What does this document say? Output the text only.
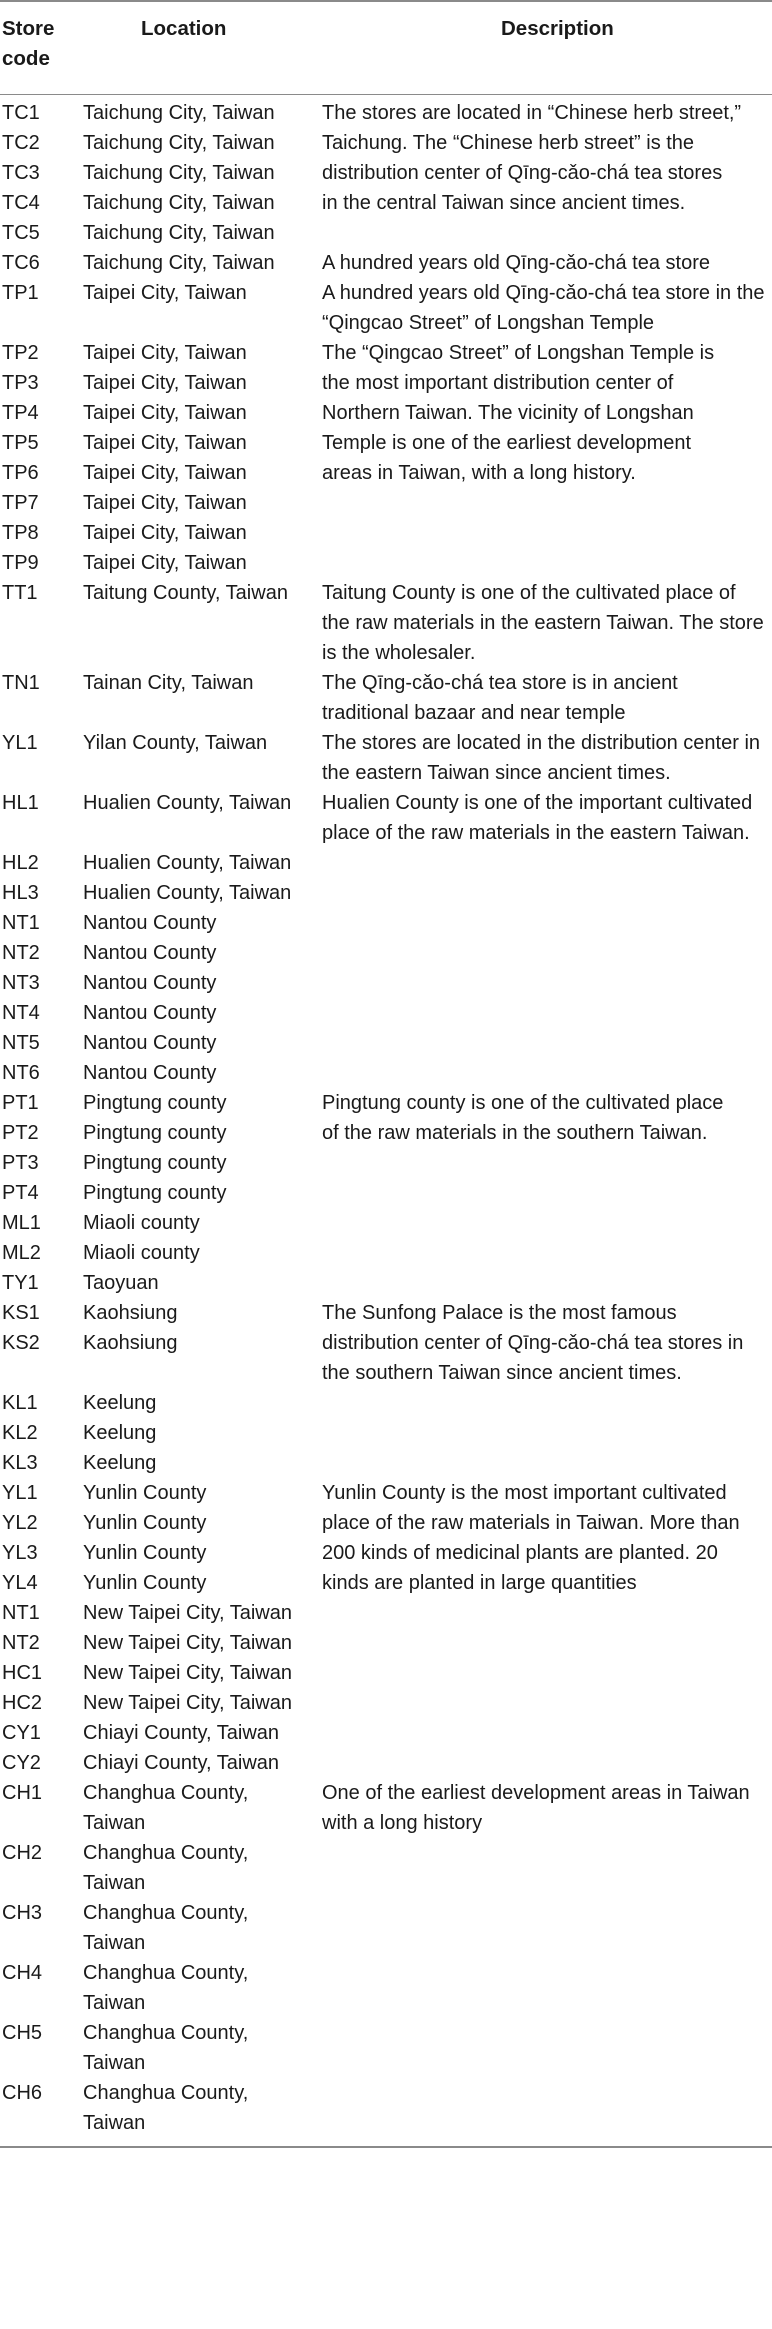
Store code	Location	Description
TC1	Taichung City, Taiwan	The stores are located in “Chinese herb street,”
TC2	Taichung City, Taiwan	Taichung. The “Chinese herb street” is the
TC3	Taichung City, Taiwan	distribution center of Qīng-cǎo-chá tea stores
TC4	Taichung City, Taiwan	in the central Taiwan since ancient times.
TC5	Taichung City, Taiwan	
TC6	Taichung City, Taiwan	A hundred years old Qīng-cǎo-chá tea store
TP1	Taipei City, Taiwan	A hundred years old Qīng-cǎo-chá tea store in the “Qingcao Street” of Longshan Temple
TP2	Taipei City, Taiwan	The “Qingcao Street” of Longshan Temple is
TP3	Taipei City, Taiwan	the most important distribution center of
TP4	Taipei City, Taiwan	Northern Taiwan. The vicinity of Longshan
TP5	Taipei City, Taiwan	Temple is one of the earliest development
TP6	Taipei City, Taiwan	areas in Taiwan, with a long history.
TP7	Taipei City, Taiwan	
TP8	Taipei City, Taiwan	
TP9	Taipei City, Taiwan	
TT1	Taitung County, Taiwan	Taitung County is one of the cultivated place of the raw materials in the eastern Taiwan. The store is the wholesaler.
TN1	Tainan City, Taiwan	The Qīng-cǎo-chá tea store is in ancient traditional bazaar and near temple
YL1	Yilan County, Taiwan	The stores are located in the distribution center in the eastern Taiwan since ancient times.
HL1	Hualien County, Taiwan	Hualien County is one of the important cultivated place of the raw materials in the eastern Taiwan.
HL2	Hualien County, Taiwan	
HL3	Hualien County, Taiwan	
NT1	Nantou County	
NT2	Nantou County	
NT3	Nantou County	
NT4	Nantou County	
NT5	Nantou County	
NT6	Nantou County	
PT1	Pingtung county	Pingtung county is one of the cultivated place
PT2	Pingtung county	of the raw materials in the southern Taiwan.
PT3	Pingtung county	
PT4	Pingtung county	
ML1	Miaoli county	
ML2	Miaoli county	
TY1	Taoyuan	
KS1	Kaohsiung	The Sunfong Palace is the most famous
KS2	Kaohsiung	distribution center of Qīng-cǎo-chá tea stores in the southern Taiwan since ancient times.
KL1	Keelung	
KL2	Keelung	
KL3	Keelung	
YL1	Yunlin County	Yunlin County is the most important cultivated
YL2	Yunlin County	place of the raw materials in Taiwan. More than
YL3	Yunlin County	200 kinds of medicinal plants are planted. 20
YL4	Yunlin County	kinds are planted in large quantities
NT1	New Taipei City, Taiwan	
NT2	New Taipei City, Taiwan	
HC1	New Taipei City, Taiwan	
HC2	New Taipei City, Taiwan	
CY1	Chiayi County, Taiwan	
CY2	Chiayi County, Taiwan	
CH1	Changhua County, Taiwan	One of the earliest development areas in Taiwan with a long history
CH2	Changhua County, Taiwan	
CH3	Changhua County, Taiwan	
CH4	Changhua County, Taiwan	
CH5	Changhua County, Taiwan	
CH6	Changhua County, Taiwan	
